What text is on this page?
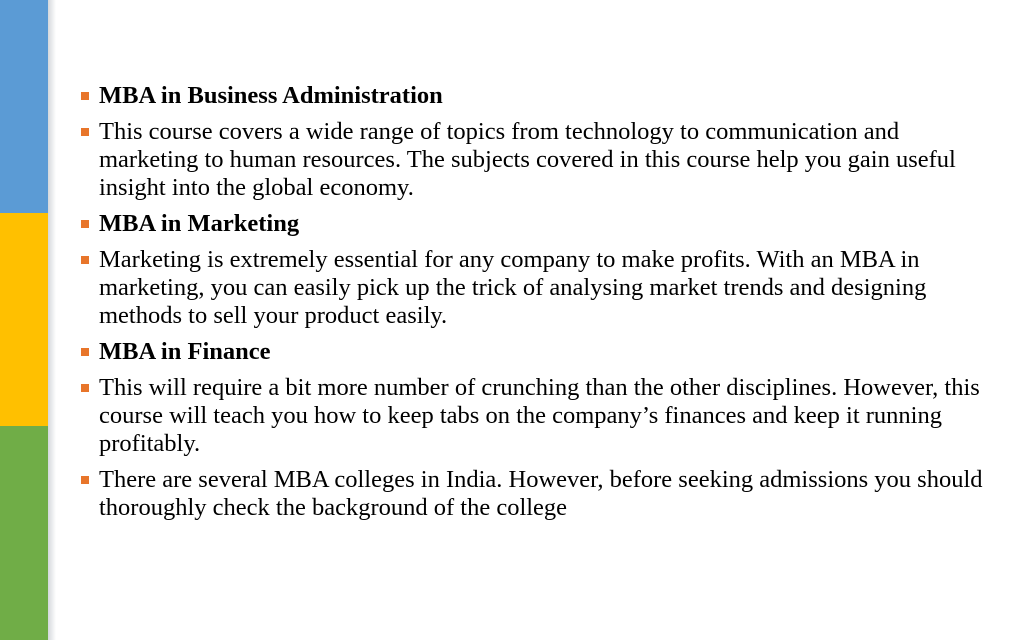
MBA in Business Administration
This course covers a wide range of topics from technology to communication and marketing to human resources. The subjects covered in this course help you gain useful insight into the global economy.
MBA in Marketing
Marketing is extremely essential for any company to make profits. With an MBA in marketing, you can easily pick up the trick of analysing market trends and designing methods to sell your product easily.
MBA in Finance
This will require a bit more number of crunching than the other disciplines. However, this course will teach you how to keep tabs on the company’s finances and keep it running profitably.
There are several MBA colleges in India. However, before seeking admissions you should thoroughly check the background of the college
